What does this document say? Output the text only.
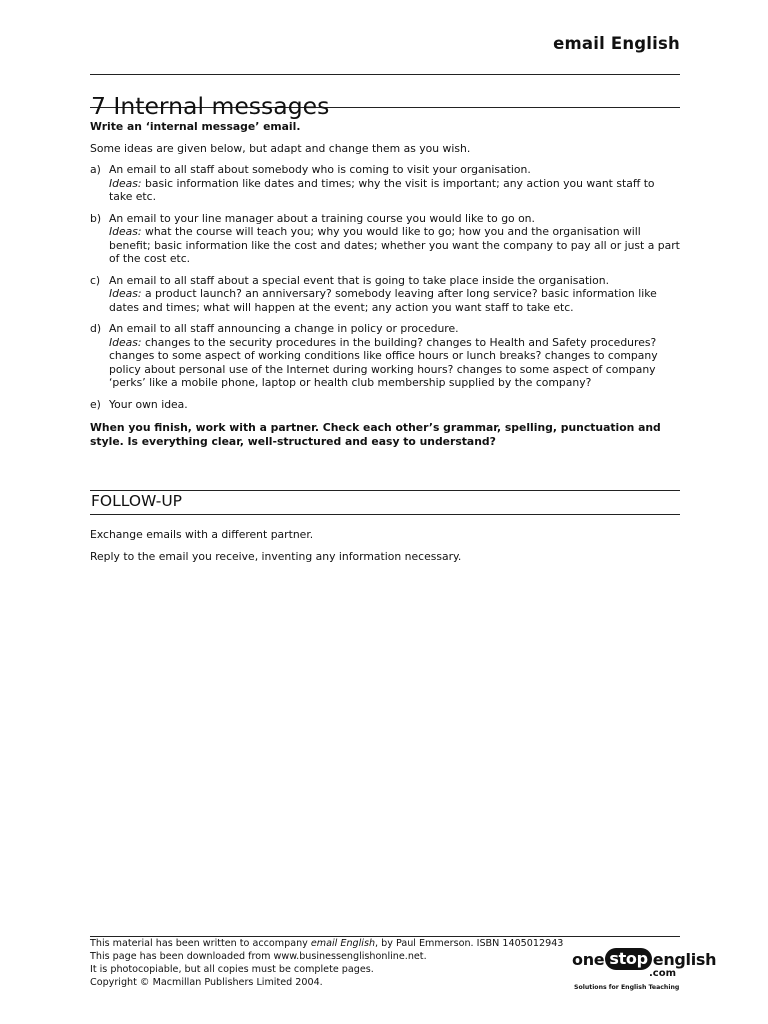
email English
7 Internal messages

Write an ‘internal message’ email.

Some ideas are given below, but adapt and change them as you wish.

a) An email to all staff about somebody who is coming to visit your organisation.
Ideas: basic information like dates and times; why the visit is important; any action you want staff to take etc.
b) An email to your line manager about a training course you would like to go on.
Ideas: what the course will teach you; why you would like to go; how you and the organisation will benefit; basic information like the cost and dates; whether you want the company to pay all or just a part of the cost etc.
c) An email to all staff about a special event that is going to take place inside the organisation.
Ideas: a product launch? an anniversary? somebody leaving after long service? basic information like dates and times; what will happen at the event; any action you want staff to take etc.
d) An email to all staff announcing a change in policy or procedure.
Ideas: changes to the security procedures in the building? changes to Health and Safety procedures? changes to some aspect of working conditions like office hours or lunch breaks? changes to company policy about personal use of the Internet during working hours? changes to some aspect of company ‘perks’ like a mobile phone, laptop or health club membership supplied by the company?
e) Your own idea.

When you finish, work with a partner. Check each other’s grammar, spelling, punctuation and style. Is everything clear, well-structured and easy to understand?

FOLLOW-UP

Exchange emails with a different partner.

Reply to the email you receive, inventing any information necessary.

This material has been written to accompany email English, by Paul Emmerson. ISBN 1405012943
This page has been downloaded from www.businessenglishonline.net.
It is photocopiable, but all copies must be complete pages.
Copyright © Macmillan Publishers Limited 2004.
one stop english
.com
Solutions for English Teaching
